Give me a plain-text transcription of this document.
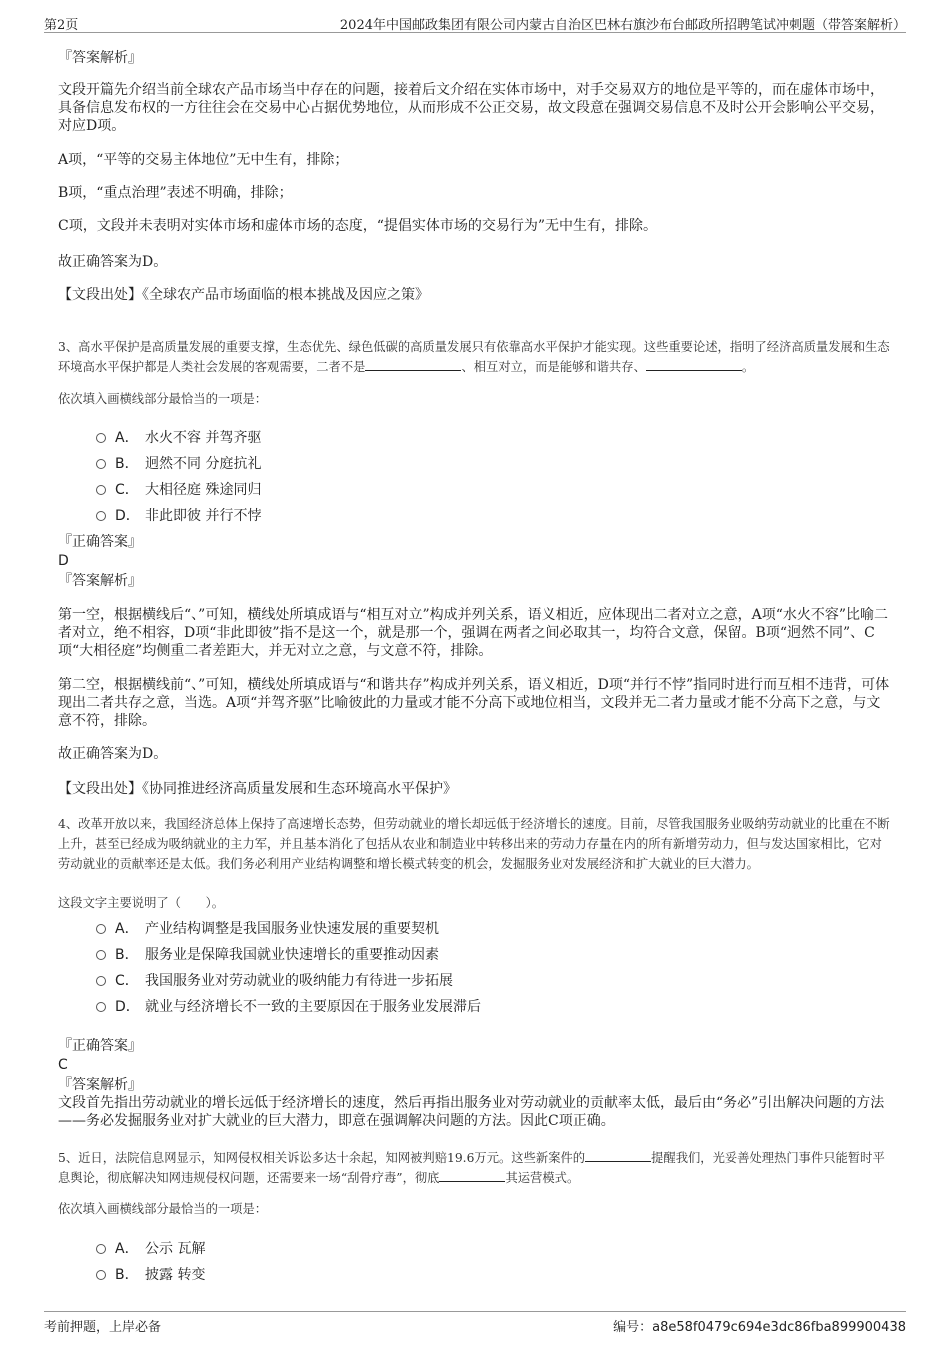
第2页	2024年中国邮政集团有限公司内蒙古自治区巴林右旗沙布台邮政所招聘笔试冲刺题（带答案解析）

『答案解析』

文段开篇先介绍当前全球农产品市场当中存在的问题，接着后文介绍在实体市场中，对手交易双方的地位是平等的，而在虚体市场中，具备信息发布权的一方往往会在交易中心占据优势地位，从而形成不公正交易，故文段意在强调交易信息不及时公开会影响公平交易，对应D项。

A项，“平等的交易主体地位”无中生有，排除；

B项，“重点治理”表述不明确，排除；

C项，文段并未表明对实体市场和虚体市场的态度，“提倡实体市场的交易行为”无中生有，排除。

故正确答案为D。

【文段出处】《全球农产品市场面临的根本挑战及因应之策》

3、高水平保护是高质量发展的重要支撑，生态优先、绿色低碳的高质量发展只有依靠高水平保护才能实现。这些重要论述，指明了经济高质量发展和生态环境高水平保护都是人类社会发展的客观需要，二者不是	、相互对立，而是能够和谐共存、	。

依次填入画横线部分最恰当的一项是：

A． 水火不容 并驾齐驱
B． 迥然不同 分庭抗礼
C． 大相径庭 殊途同归
D． 非此即彼 并行不悖

『正确答案』

D

『答案解析』

第一空，根据横线后“、”可知，横线处所填成语与“相互对立”构成并列关系，语义相近，应体现出二者对立之意，A项“水火不容”比喻二者对立，绝不相容，D项“非此即彼”指不是这一个，就是那一个，强调在两者之间必取其一，均符合文意，保留。B项“迥然不同”、C项“大相径庭”均侧重二者差距大，并无对立之意，与文意不符，排除。

第二空，根据横线前“、”可知，横线处所填成语与“和谐共存”构成并列关系，语义相近，D项“并行不悖”指同时进行而互相不违背，可体现出二者共存之意，当选。A项“并驾齐驱”比喻彼此的力量或才能不分高下或地位相当，文段并无二者力量或才能不分高下之意，与文意不符，排除。

故正确答案为D。

【文段出处】《协同推进经济高质量发展和生态环境高水平保护》

4、改革开放以来，我国经济总体上保持了高速增长态势，但劳动就业的增长却远低于经济增长的速度。目前，尽管我国服务业吸纳劳动就业的比重在不断上升，甚至已经成为吸纳就业的主力军，并且基本消化了包括从农业和制造业中转移出来的劳动力存量在内的所有新增劳动力，但与发达国家相比，它对劳动就业的贡献率还是太低。我们务必利用产业结构调整和增长模式转变的机会，发掘服务业对发展经济和扩大就业的巨大潜力。

这段文字主要说明了（　　）。

A． 产业结构调整是我国服务业快速发展的重要契机
B． 服务业是保障我国就业快速增长的重要推动因素
C． 我国服务业对劳动就业的吸纳能力有待进一步拓展
D． 就业与经济增长不一致的主要原因在于服务业发展滞后

『正确答案』

C

『答案解析』

文段首先指出劳动就业的增长远低于经济增长的速度，然后再指出服务业对劳动就业的贡献率太低，最后由“务必”引出解决问题的方法——务必发掘服务业对扩大就业的巨大潜力，即意在强调解决问题的方法。因此C项正确。

5、近日，法院信息网显示，知网侵权相关诉讼多达十余起，知网被判赔19.6万元。这些新案件的	提醒我们，光妥善处理热门事件只能暂时平息舆论，彻底解决知网违规侵权问题，还需要来一场“刮骨疗毒”，彻底	其运营模式。

依次填入画横线部分最恰当的一项是：

A． 公示 瓦解
B． 披露 转变
考前押题，上岸必备	编号：a8e58f0479c694e3dc86fba899900438
